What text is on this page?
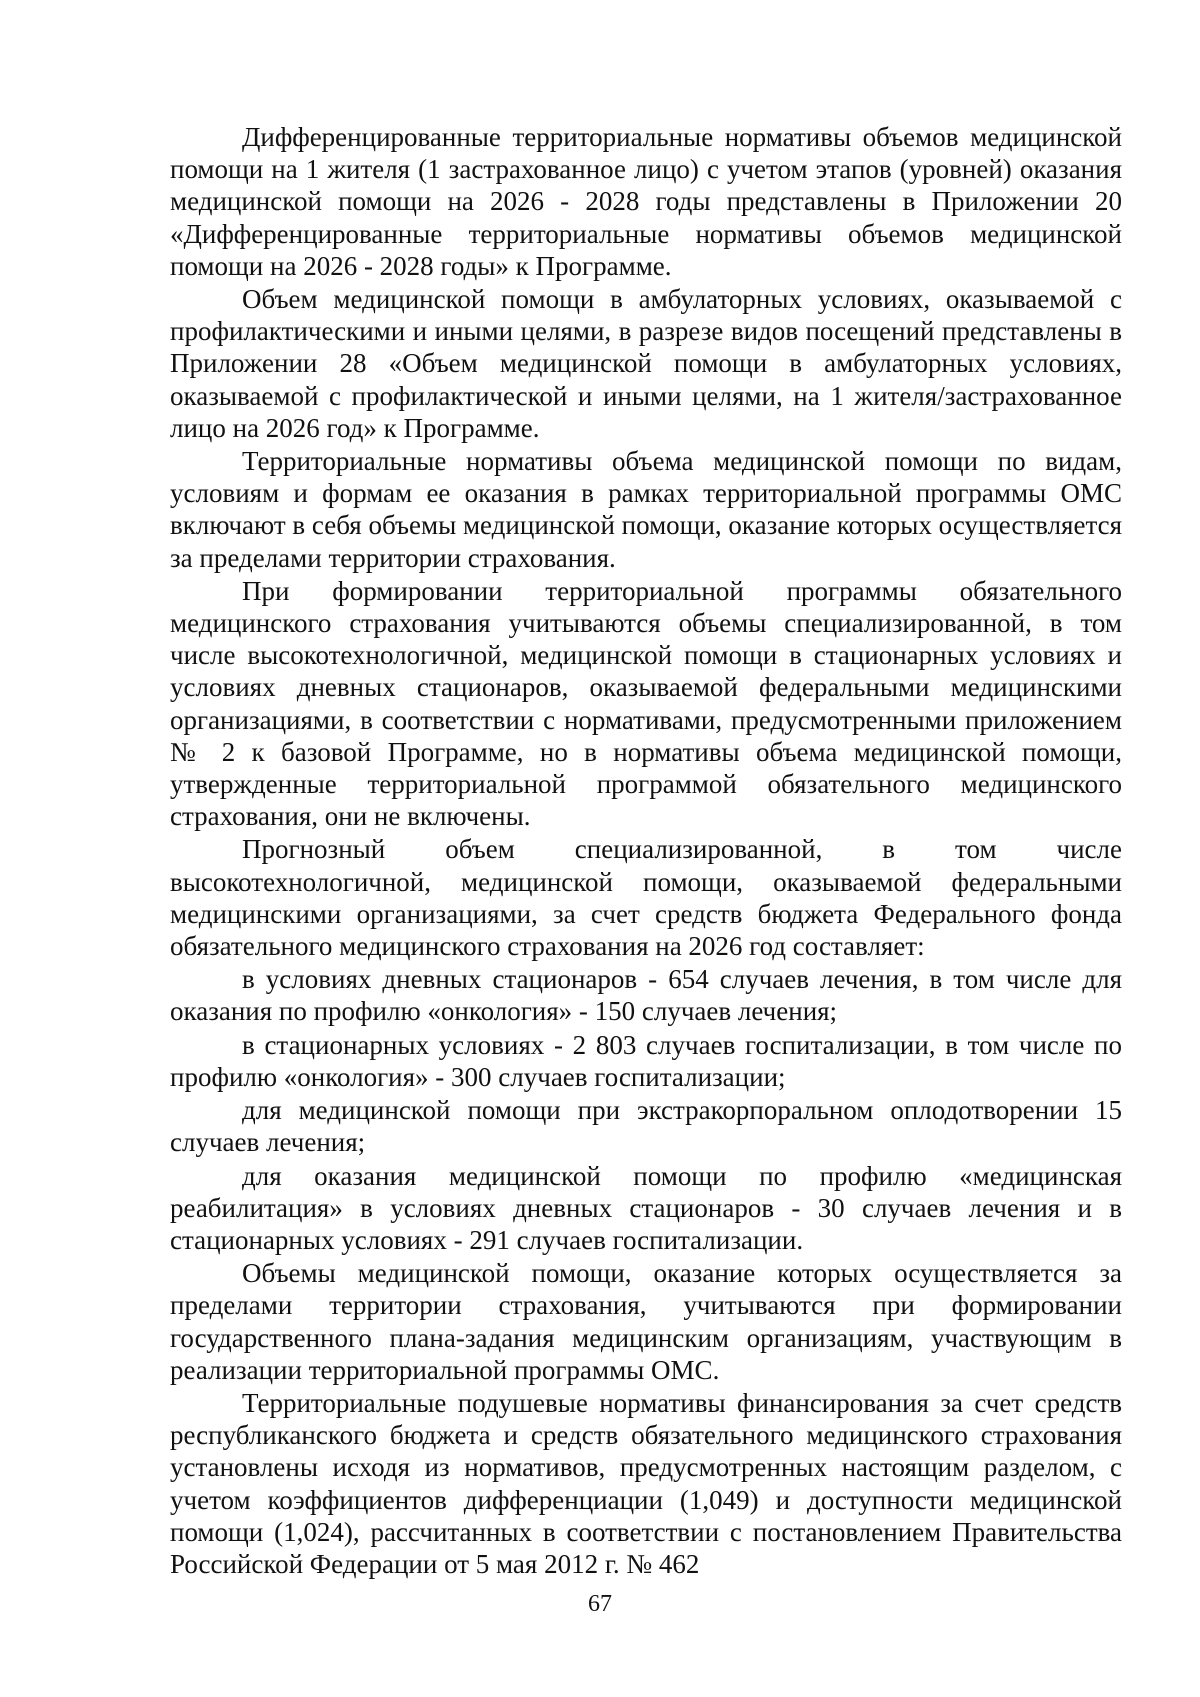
Дифференцированные территориальные нормативы объемов медицинской помощи на 1 жителя (1 застрахованное лицо) с учетом этапов (уровней) оказания медицинской помощи на 2026 - 2028 годы представлены в Приложении 20 «Дифференцированные территориальные нормативы объемов медицинской помощи на 2026 - 2028 годы» к Программе.

Объем медицинской помощи в амбулаторных условиях, оказываемой с профилактическими и иными целями, в разрезе видов посещений представлены в Приложении 28 «Объем медицинской помощи в амбулаторных условиях, оказываемой с профилактической и иными целями, на 1 жителя/застрахованное лицо на 2026 год» к Программе.

Территориальные нормативы объема медицинской помощи по видам, условиям и формам ее оказания в рамках территориальной программы ОМС включают в себя объемы медицинской помощи, оказание которых осуществляется за пределами территории страхования.

При формировании территориальной программы обязательного медицинского страхования учитываются объемы специализированной, в том числе высокотехнологичной, медицинской помощи в стационарных условиях и условиях дневных стационаров, оказываемой федеральными медицинскими организациями, в соответствии с нормативами, предусмотренными приложением № 2 к базовой Программе, но в нормативы объема медицинской помощи, утвержденные территориальной программой обязательного медицинского страхования, они не включены.

Прогнозный объем специализированной, в том числе высокотехнологичной, медицинской помощи, оказываемой федеральными медицинскими организациями, за счет средств бюджета Федерального фонда обязательного медицинского страхования на 2026 год составляет:

в условиях дневных стационаров - 654 случаев лечения, в том числе для оказания по профилю «онкология» - 150 случаев лечения;

в стационарных условиях - 2 803 случаев госпитализации, в том числе по профилю «онкология» - 300 случаев госпитализации;

для медицинской помощи при экстракорпоральном оплодотворении 15 случаев лечения;

для оказания медицинской помощи по профилю «медицинская реабилитация» в условиях дневных стационаров - 30 случаев лечения и в стационарных условиях - 291 случаев госпитализации.

Объемы медицинской помощи, оказание которых осуществляется за пределами территории страхования, учитываются при формировании государственного плана-задания медицинским организациям, участвующим в реализации территориальной программы ОМС.

Территориальные подушевые нормативы финансирования за счет средств республиканского бюджета и средств обязательного медицинского страхования установлены исходя из нормативов, предусмотренных настоящим разделом, с учетом коэффициентов дифференциации (1,049) и доступности медицинской помощи (1,024), рассчитанных в соответствии с постановлением Правительства Российской Федерации от 5 мая 2012 г. № 462

67
